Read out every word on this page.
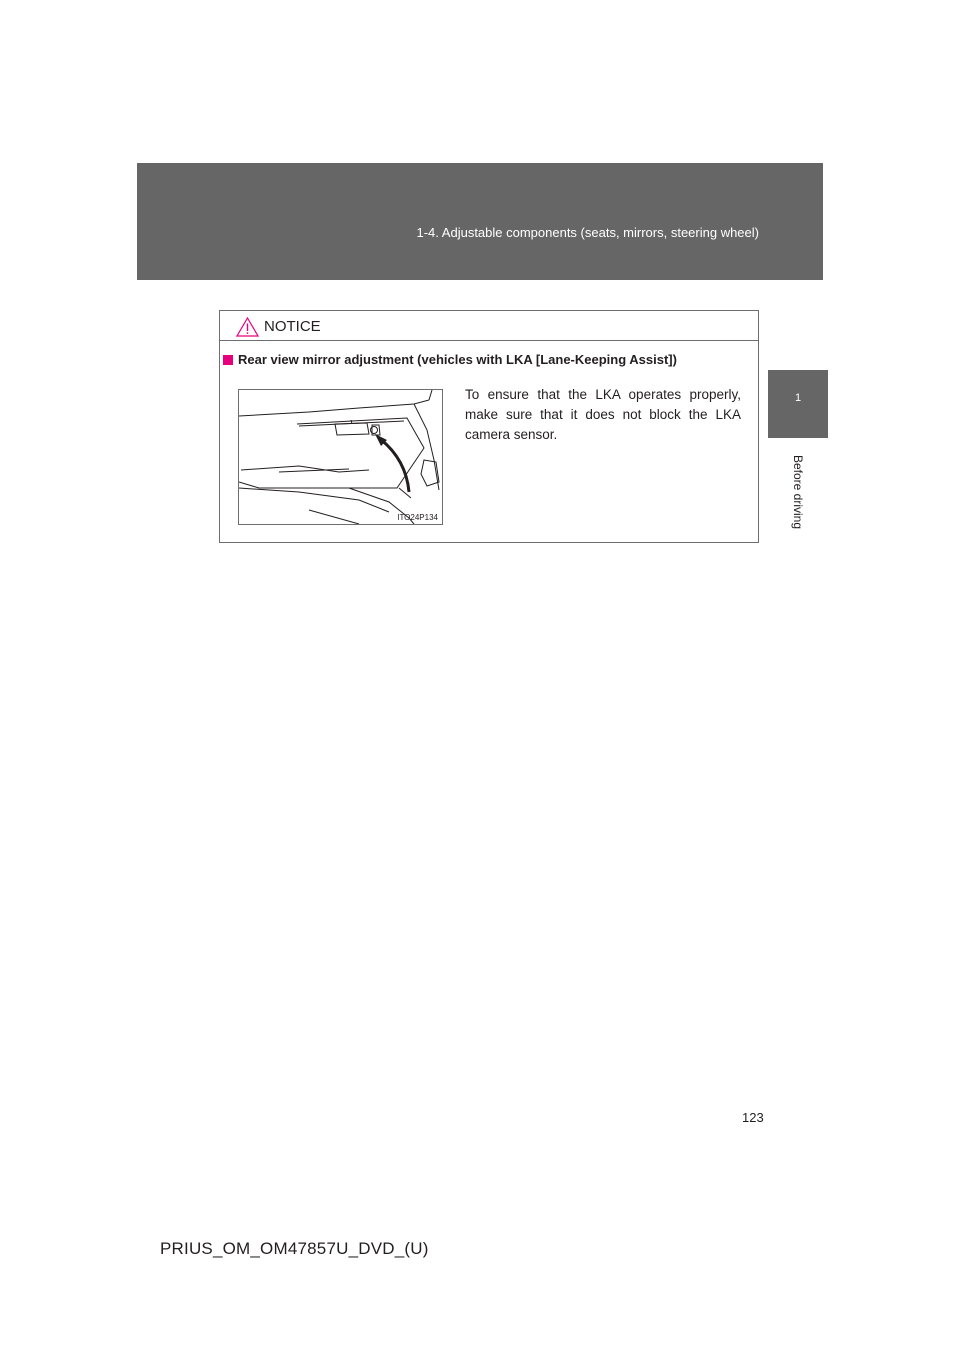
1-4. Adjustable components (seats, mirrors, steering wheel)
1
Before driving
NOTICE
Rear view mirror adjustment (vehicles with LKA [Lane-Keeping Assist])
ITO24P134
To ensure that the LKA operates properly, make sure that it does not block the LKA camera sensor.
123
PRIUS_OM_OM47857U_DVD_(U)
